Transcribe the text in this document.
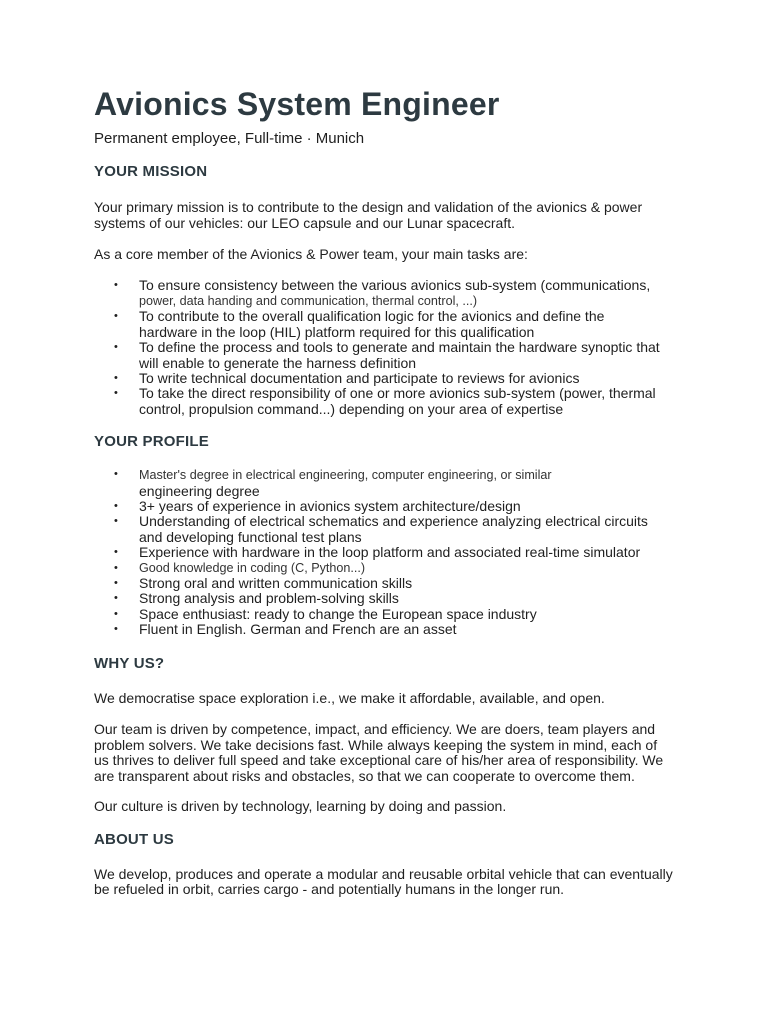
Avionics System Engineer
Permanent employee, Full-time · Munich
YOUR MISSION

Your primary mission is to contribute to the design and validation of the avionics & power systems of our vehicles: our LEO capsule and our Lunar spacecraft.

As a core member of the Avionics & Power team, your main tasks are:

• To ensure consistency between the various avionics sub-system (communications,
power, data handing and communication, thermal control, ...)
• To contribute to the overall qualification logic for the avionics and define the
hardware in the loop (HIL) platform required for this qualification
• To define the process and tools to generate and maintain the hardware synoptic that
will enable to generate the harness definition
• To write technical documentation and participate to reviews for avionics
• To take the direct responsibility of one or more avionics sub-system (power, thermal
control, propulsion command...) depending on your area of expertise
YOUR PROFILE
• Master's degree in electrical engineering, computer engineering, or similar
engineering degree
• 3+ years of experience in avionics system architecture/design
• Understanding of electrical schematics and experience analyzing electrical circuits
and developing functional test plans
• Experience with hardware in the loop platform and associated real-time simulator
• Good knowledge in coding (C, Python...)
• Strong oral and written communication skills
• Strong analysis and problem-solving skills
• Space enthusiast: ready to change the European space industry
• Fluent in English. German and French are an asset
WHY US?

We democratise space exploration i.e., we make it affordable, available, and open.

Our team is driven by competence, impact, and efficiency. We are doers, team players and problem solvers. We take decisions fast. While always keeping the system in mind, each of us thrives to deliver full speed and take exceptional care of his/her area of responsibility. We are transparent about risks and obstacles, so that we can cooperate to overcome them.

Our culture is driven by technology, learning by doing and passion.

ABOUT US

We develop, produces and operate a modular and reusable orbital vehicle that can eventually be refueled in orbit, carries cargo - and potentially humans in the longer run.
